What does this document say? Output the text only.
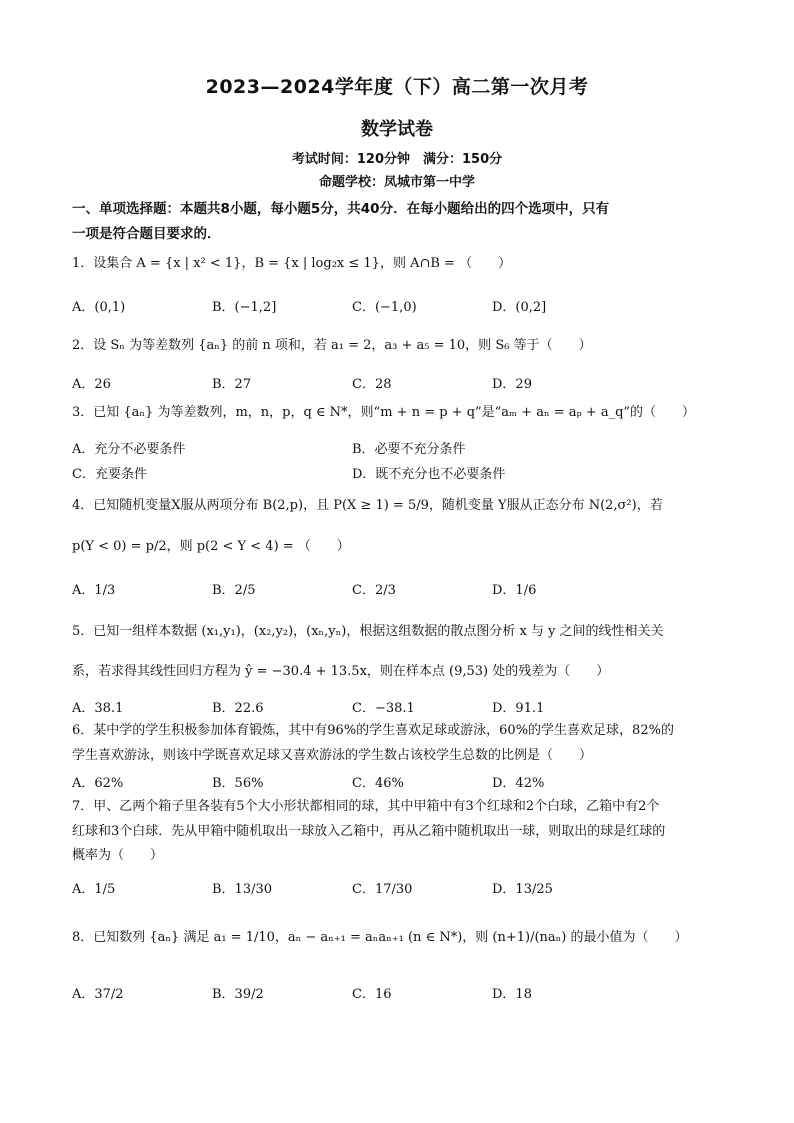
2023—2024学年度（下）高二第一次月考
数学试卷
考试时间：120分钟　满分：150分
命题学校：凤城市第一中学
一、单项选择题：本题共8小题，每小题5分，共40分．在每小题给出的四个选项中，只有
一项是符合题目要求的．
1．设集合 A = {x | x² < 1}，B = {x | log₂x ≤ 1}，则 A∩B = （　　）
A．(0,1)	B．(−1,2]	C．(−1,0)	D．(0,2]
2．设 Sₙ 为等差数列 {aₙ} 的前 n 项和，若 a₁ = 2，a₃ + a₅ = 10，则 S₆ 等于（　　）
A．26	B．27	C．28	D．29
3．已知 {aₙ} 为等差数列，m，n，p，q ∈ N*，则“m + n = p + q”是“aₘ + aₙ = aₚ + a_q”的（　　）
A．充分不必要条件	B．必要不充分条件
C．充要条件	D．既不充分也不必要条件
4．已知随机变量X服从两项分布 B(2,p)，且 P(X ≥ 1) = 5/9，随机变量 Y服从正态分布 N(2,σ²)，若
p(Y < 0) = p/2，则 p(2 < Y < 4) = （　　）
A．1/3	B．2/5	C．2/3	D．1/6
5．已知一组样本数据 (x₁,y₁)，(x₂,y₂)，(xₙ,yₙ)，根据这组数据的散点图分析 x 与 y 之间的线性相关关
系，若求得其线性回归方程为 ŷ = −30.4 + 13.5x，则在样本点 (9,53) 处的残差为（　　）
A．38.1	B．22.6	C．−38.1	D．91.1
6．某中学的学生积极参加体育锻炼，其中有96%的学生喜欢足球或游泳，60%的学生喜欢足球，82%的
学生喜欢游泳，则该中学既喜欢足球又喜欢游泳的学生数占该校学生总数的比例是（　　）
A．62%	B．56%	C．46%	D．42%
7．甲、乙两个箱子里各装有5个大小形状都相同的球，其中甲箱中有3个红球和2个白球，乙箱中有2个
红球和3个白球．先从甲箱中随机取出一球放入乙箱中，再从乙箱中随机取出一球，则取出的球是红球的
概率为（　　）
A．1/5	B．13/30	C．17/30	D．13/25
8．已知数列 {aₙ} 满足 a₁ = 1/10，aₙ − aₙ₊₁ = aₙaₙ₊₁ (n ∈ N*)，则 (n+1)/(naₙ) 的最小值为（　　）
A．37/2	B．39/2	C．16	D．18
